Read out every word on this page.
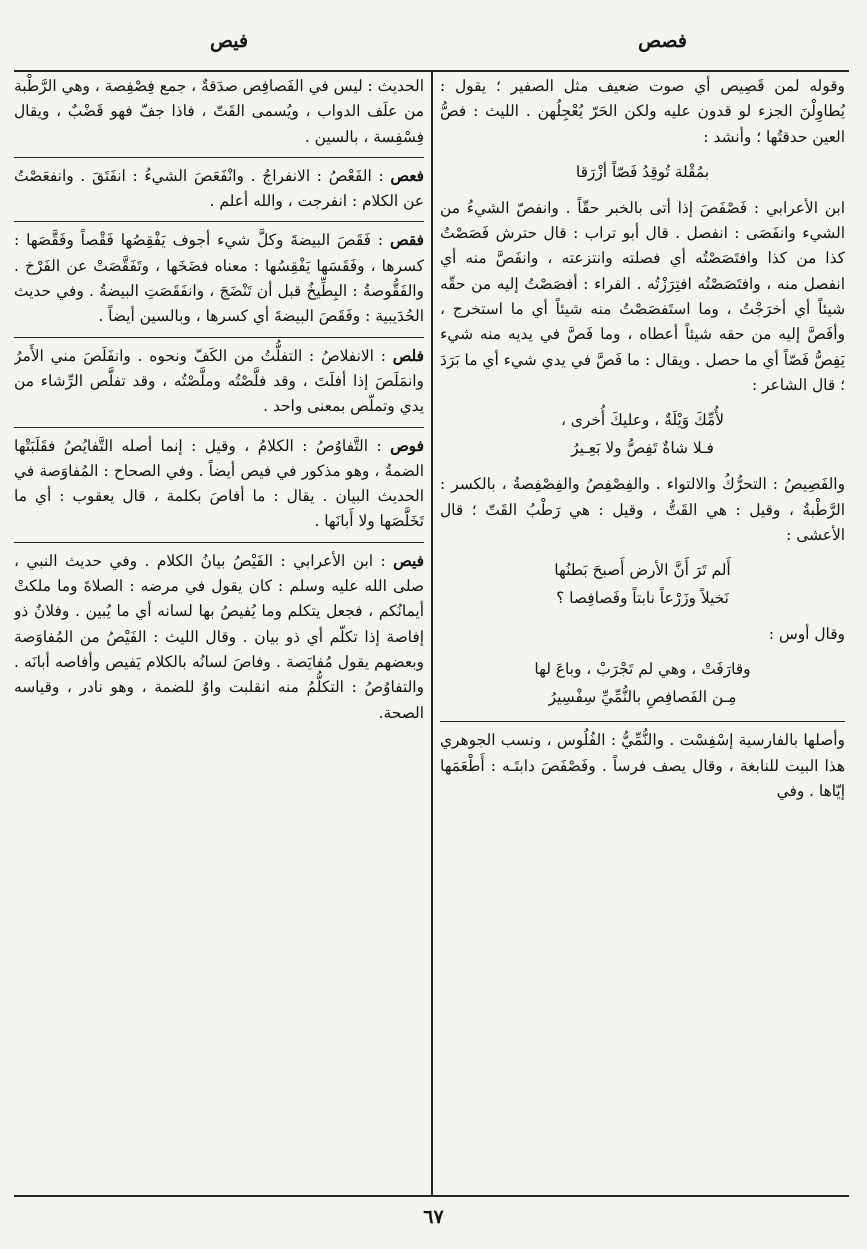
فصص
فيص

وقوله لمن قَصِيص أي صوت ضعيف مثل الصفير ؛ يقول : يُطاوِلْنَ الجزء لو قدون عليه ولكن الحَرّ يُعْجِلُهن . الليث : فصُّ العين حدقتُها ؛ وأنشد :

بمُقْلة تُوقِدُ فَصّاً أزْرَقا

ابن الأعرابي : فَصْفَصَ إذا أتى بالخبر حقّاً . وانفصّ الشيءُ من الشيء وانفَصَى : انفصل . قال أبو تراب : قال حترش فَصَصْتُ كذا من كذا وافتَصَصْتُه أي فصلته وانتزعته ، وانفَصَّ منه أي انفصل منه ، وافتَصَصْتُه افتِرَزْتُه . الفراء : أفصَصْتُ إليه من حقّه شيئاً أي أخرَجْتُ ، وما استَفصَصْتُ منه شيئاً أي ما استخرج ، وأفَصَّ إليه من حقه شيئاً أعطاه ، وما فَصَّ في يديه منه شيء يَفِصُّ فَصّاً أي ما حصل . ويقال : ما فَصَّ في يدي شيء أي ما بَرَدَ ؛ قال الشاعر :

لأُمِّكَ وَيْلَةٌ ، وعليكَ أُخرى ،
فـلا شاةٌ تَفِصُّ ولا بَعِـيرُ

والفَصِيصُ : التحرُّكُ والالتواء . والفِصْفِصُ والفِصْفِصةُ ، بالكسر : الرَّطْبةُ ، وقيل : هي القَتُّ ، وقيل : هي رَطْبُ القَتّ ؛ قال الأعشى :

أَلم تَرَ أَنَّ الأرض أَصبحَ بَطنُها
نَخيلاً وزَرْعاً نابتاً وفَصافِصا ؟

وقال أوس :

وقارَفَتْ ، وهي لم تَجْرَبْ ، وباعَ لها
مِـن الفَصافِصِ بالنُّمِّيِّ سِفْسِيرُ

وأصلها بالفارسية إسْفِسْت . والنُّمِّيُّ : الفُلُوس ، ونسب الجوهري هذا البيت للنابغة ، وقال يصف فرساً . وفَصْفَصَ دابتَـه : أَطْعَمَها إيّاها . وفي

الحديث : ليس في الفَصافِص صدَقةٌ ، جمع فِصْفِصة ، وهي الرَّطْبة من علَف الدواب ، ويُسمى القَتّ ، فاذا جفّ فهو قَضْبٌ ، ويقال فِسْفِسة ، بالسين .

فعص : الفَعْصُ : الانفراجُ . وانْفَعَصَ الشيءُ : انفَتَقَ . وانفعَصْتُ عن الكلام : انفرجت ، والله أعلم .

فقص : فَقَصَ البيضةَ وكلَّ شيء أجوف يَفْقِصُها فَقْصاً وفَقَّصَها : كسرها ، وفَقَسَها يَفْقِسُها : معناه فضَخَها ، وتَفَقَّصَتْ عن الفَرْخ . والفَقُّوصةُ : البِطِّيخُ قبل أن تَنْضَجَ ، وانفَقَصَتِ البيضةُ . وفي حديث الحُدَيبية : وفَقَصَ البيضةَ أي كسرها ، وبالسين أيضاً .

فلص : الانفلاصُ : التفلُّتُ من الكَفّ ونحوه . وانفَلَصَ مني الأَمرُ وانمَلَصَ إذا أفلَتَ ، وقد فلَّصْتُه وملَّصْتُه ، وقد تفلَّص الرِّشاء من يدي وتملّص بمعنى واحد .

فوص : التَّفاوُصُ : الكلامُ ، وقيل : إنما أصله التَّفايُصُ فقَلَبَتْها الضمةُ ، وهو مذكور في فيص أيضاً . وفي الصحاح : المُفاوَصة في الحديث البيان . يقال : ما أفاصَ بكلمة ، قال يعقوب : أي ما تَخَلَّصَها ولا أَبانَها .

فيص : ابن الأعرابي : الفَيْصُ بيانُ الكلام . وفي حديث النبي ، صلى الله عليه وسلم : كان يقول في مرضه : الصلاةَ وما ملكتْ أيمانُكم ، فجعل يتكلم وما يُفيصُ بها لسانه أي ما يُبين . وفلانٌ ذو إفاصة إذا تكلّم أي ذو بيان . وقال الليث : الفَيْصُ من المُفاوَصة وبعضهم يقول مُفايَصة . وفاصَ لسانُه بالكلام يَفيص وأفاصه أبانَه . والتفاوُصُ : التكلُّمُ منه انقلبت واوٌ للضمة ، وهو نادر ، وقياسه الصحة.

٦٧
